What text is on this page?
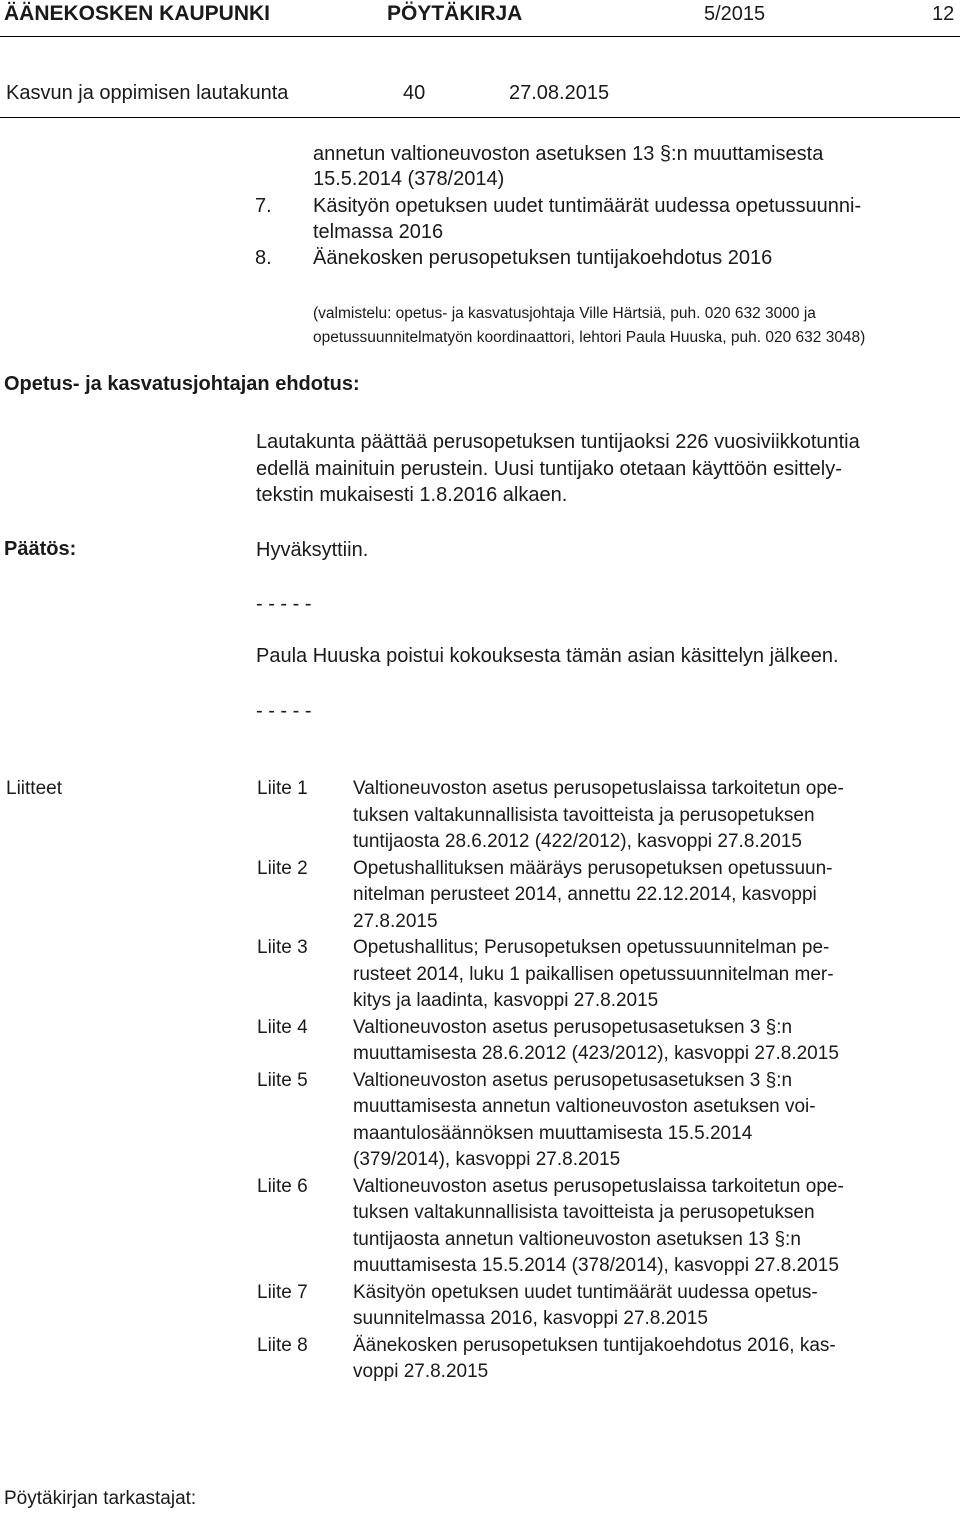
ÄÄNEKOSKEN KAUPUNKI	PÖYTÄKIRJA	5/2015	12
Kasvun ja oppimisen lautakunta	40	27.08.2015
annetun valtioneuvoston asetuksen 13 §:n muuttamisesta
15.5.2014 (378/2014)
7. Käsityön opetuksen uudet tuntimäärät uudessa opetussuunni-
telmassa 2016
8. Äänekosken perusopetuksen tuntijakoehdotus 2016
(valmistelu: opetus- ja kasvatusjohtaja Ville Härtsiä, puh. 020 632 3000 ja
opetussuunnitelmatyön koordinaattori, lehtori Paula Huuska, puh. 020 632 3048)
Opetus- ja kasvatusjohtajan ehdotus:
Lautakunta päättää perusopetuksen tuntijaoksi 226 vuosiviikkotuntia
edellä mainituin perustein. Uusi tuntijako otetaan käyttöön esittely-
tekstin mukaisesti 1.8.2016 alkaen.
Päätös:	Hyväksyttiin.
- - - - -
Paula Huuska poistui kokouksesta tämän asian käsittelyn jälkeen.
- - - - -
Liitteet	Liite 1 Valtioneuvoston asetus perusopetuslaissa tarkoitetun ope-
tuksen valtakunnallisista tavoitteista ja perusopetuksen
tuntijaosta 28.6.2012 (422/2012), kasvoppi 27.8.2015
Liite 2 Opetushallituksen määräys perusopetuksen opetussuun-
nitelman perusteet 2014, annettu 22.12.2014, kasvoppi
27.8.2015
Liite 3 Opetushallitus; Perusopetuksen opetussuunnitelman pe-
rusteet 2014, luku 1 paikallisen opetussuunnitelman mer-
kitys ja laadinta, kasvoppi 27.8.2015
Liite 4 Valtioneuvoston asetus perusopetusasetuksen 3 §:n
muuttamisesta 28.6.2012 (423/2012), kasvoppi 27.8.2015
Liite 5 Valtioneuvoston asetus perusopetusasetuksen 3 §:n
muuttamisesta annetun valtioneuvoston asetuksen voi-
maantulosäännöksen muuttamisesta 15.5.2014
(379/2014), kasvoppi 27.8.2015
Liite 6 Valtioneuvoston asetus perusopetuslaissa tarkoitetun ope-
tuksen valtakunnallisista tavoitteista ja perusopetuksen
tuntijaosta annetun valtioneuvoston asetuksen 13 §:n
muuttamisesta 15.5.2014 (378/2014), kasvoppi 27.8.2015
Liite 7 Käsityön opetuksen uudet tuntimäärät uudessa opetus-
suunnitelmassa 2016, kasvoppi 27.8.2015
Liite 8 Äänekosken perusopetuksen tuntijakoehdotus 2016, kas-
voppi 27.8.2015
Pöytäkirjan tarkastajat:
